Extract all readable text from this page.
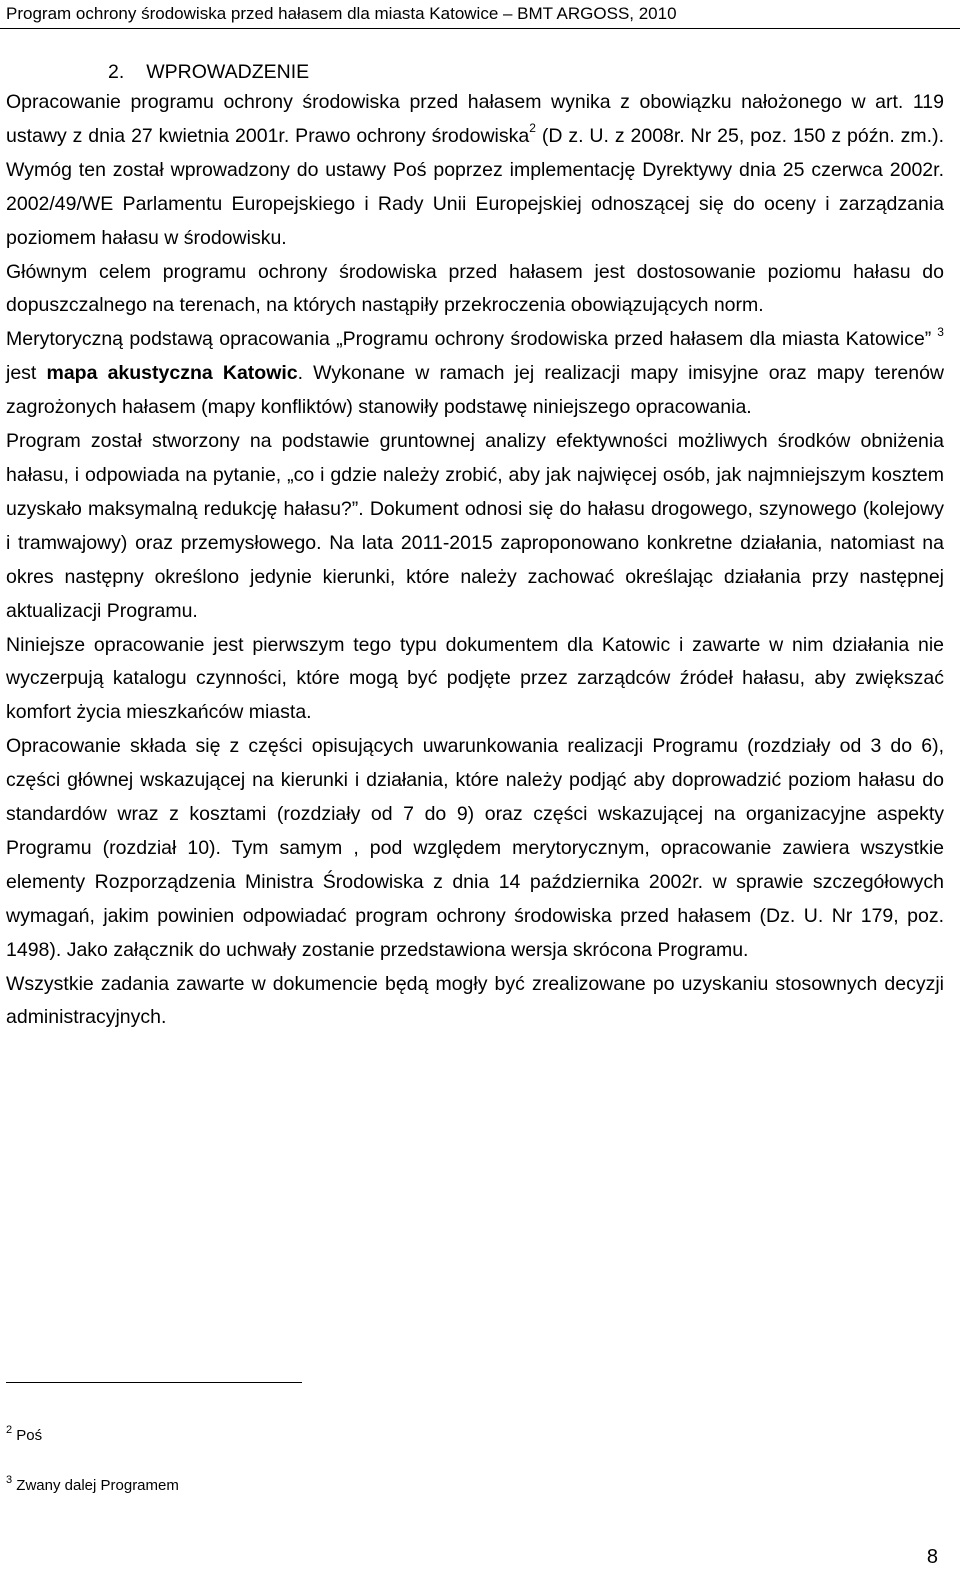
Program ochrony środowiska przed hałasem dla miasta Katowice – BMT ARGOSS, 2010
2. WPROWADZENIE

Opracowanie programu ochrony środowiska przed hałasem wynika z obowiązku nałożonego w art. 119 ustawy z dnia 27 kwietnia 2001r. Prawo ochrony środowiska$^2$ (D z. U. z 2008r. Nr 25, poz. 150 z późn. zm.). Wymóg ten został wprowadzony do ustawy Poś poprzez implementację Dyrektywy dnia 25 czerwca 2002r. 2002/49/WE Parlamentu Europejskiego i Rady Unii Europejskiej odnoszącej się do oceny i zarządzania poziomem hałasu w środowisku.

Głównym celem programu ochrony środowiska przed hałasem jest dostosowanie poziomu hałasu do dopuszczalnego na terenach, na których nastąpiły przekroczenia obowiązujących norm.

Merytoryczną podstawą opracowania „Programu ochrony środowiska przed hałasem dla miasta Katowice” $^3$ jest mapa akustyczna Katowic. Wykonane w ramach jej realizacji mapy imisyjne oraz mapy terenów zagrożonych hałasem (mapy konfliktów) stanowiły podstawę niniejszego opracowania.

Program został stworzony na podstawie gruntownej analizy efektywności możliwych środków obniżenia hałasu, i odpowiada na pytanie, „co i gdzie należy zrobić, aby jak najwięcej osób, jak najmniejszym kosztem uzyskało maksymalną redukcję hałasu?”. Dokument odnosi się do hałasu drogowego, szynowego (kolejowy i tramwajowy) oraz przemysłowego. Na lata 2011-2015 zaproponowano konkretne działania, natomiast na okres następny określono jedynie kierunki, które należy zachować określając działania przy następnej aktualizacji Programu.

Niniejsze opracowanie jest pierwszym tego typu dokumentem dla Katowic i zawarte w nim działania nie wyczerpują katalogu czynności, które mogą być podjęte przez zarządców źródeł hałasu, aby zwiększać komfort życia mieszkańców miasta.

Opracowanie składa się z części opisujących uwarunkowania realizacji Programu (rozdziały od 3 do 6), części głównej wskazującej na kierunki i działania, które należy podjąć aby doprowadzić poziom hałasu do standardów wraz z kosztami (rozdziały od 7 do 9) oraz części wskazującej na organizacyjne aspekty Programu (rozdział 10). Tym samym , pod względem merytorycznym, opracowanie zawiera wszystkie elementy Rozporządzenia Ministra Środowiska z dnia 14 października 2002r. w sprawie szczegółowych wymagań, jakim powinien odpowiadać program ochrony środowiska przed hałasem (Dz. U. Nr 179, poz. 1498). Jako załącznik do uchwały zostanie przedstawiona wersja skrócona Programu.

Wszystkie zadania zawarte w dokumencie będą mogły być zrealizowane po uzyskaniu stosownych decyzji administracyjnych.

$^2$ Poś
$^3$ Zwany dalej Programem
8
